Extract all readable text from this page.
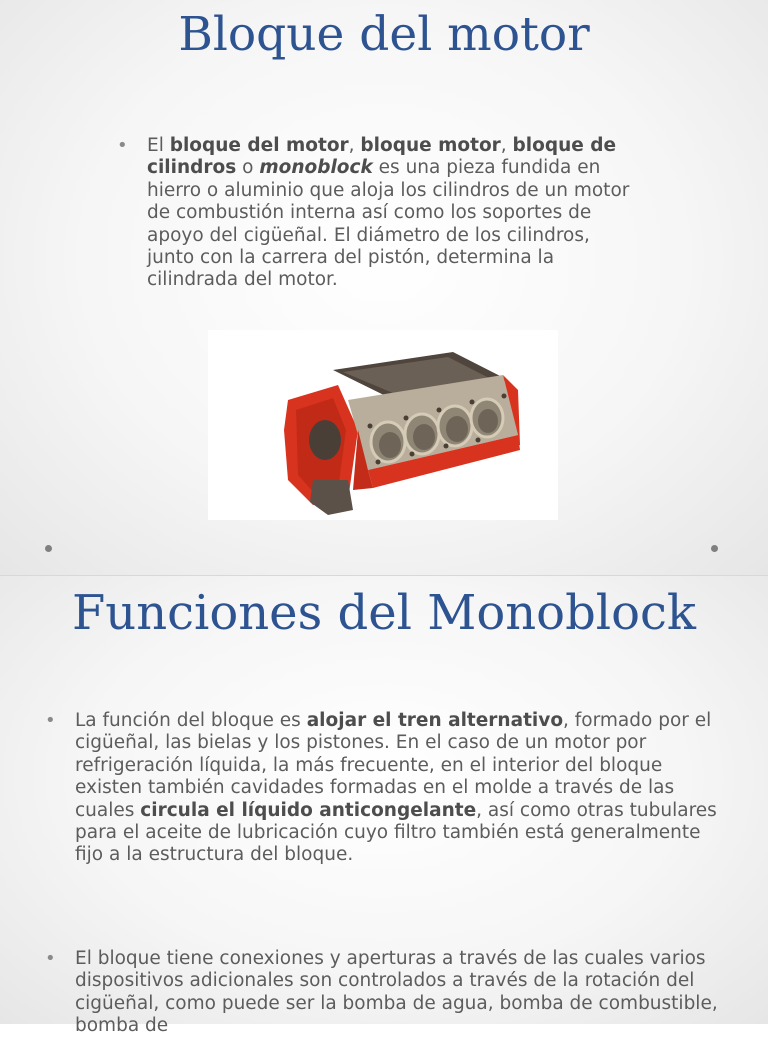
Bloque del motor

• El bloque del motor, bloque motor, bloque de cilindros o monoblock es una pieza fundida en hierro o aluminio que aloja los cilindros de un motor de combustión interna así como los soportes de apoyo del cigüeñal. El diámetro de los cilindros, junto con la carrera del pistón, determina la cilindrada del motor.

Funciones del Monoblock

• La función del bloque es alojar el tren alternativo, formado por el cigüeñal, las bielas y los pistones. En el caso de un motor por refrigeración líquida, la más frecuente, en el interior del bloque existen también cavidades formadas en el molde a través de las cuales circula el líquido anticongelante, así como otras tubulares para el aceite de lubricación cuyo filtro también está generalmente fijo a la estructura del bloque.

• El bloque tiene conexiones y aperturas a través de las cuales varios dispositivos adicionales son controlados a través de la rotación del cigüeñal, como puede ser la bomba de agua, bomba de combustible, bomba de
